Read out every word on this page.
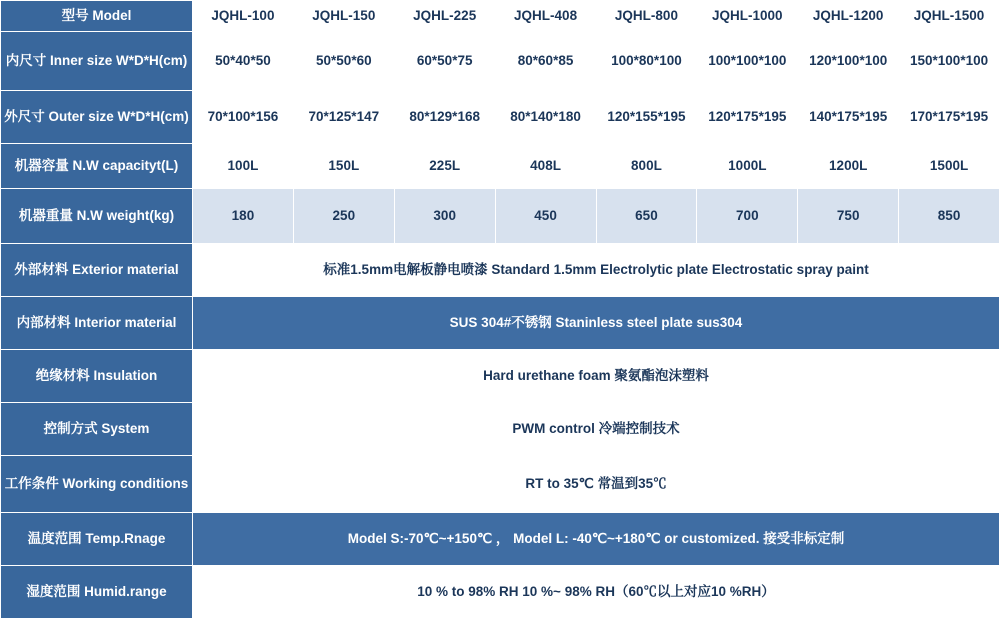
型号 Model	JQHL-100	JQHL-150	JQHL-225	JQHL-408	JQHL-800	JQHL-1000	JQHL-1200	JQHL-1500
内尺寸 Inner size W*D*H(cm)	50*40*50	50*50*60	60*50*75	80*60*85	100*80*100	100*100*100	120*100*100	150*100*100
外尺寸 Outer size W*D*H(cm)	70*100*156	70*125*147	80*129*168	80*140*180	120*155*195	120*175*195	140*175*195	170*175*195
机器容量 N.W capacityt(L)	100L	150L	225L	408L	800L	1000L	1200L	1500L
机器重量 N.W weight(kg)	180	250	300	450	650	700	750	850
外部材料 Exterior material	标准1.5mm电解板静电喷漆 Standard 1.5mm Electrolytic plate Electrostatic spray paint							
内部材料 Interior material	SUS 304#不锈钢 Staninless steel plate sus304							
绝缘材料 Insulation	Hard urethane foam 聚氨酯泡沫塑料							
控制方式 System	PWM control 冷端控制技术							
工作条件 Working conditions	RT to 35℃ 常温到35℃							
温度范围 Temp.Rnage	Model S:-70℃~+150℃ ， Model L: -40℃~+180℃ or customized. 接受非标定制							
湿度范围 Humid.range	10 % to 98% RH 10 %~ 98% RH（60℃以上对应10 %RH）							
